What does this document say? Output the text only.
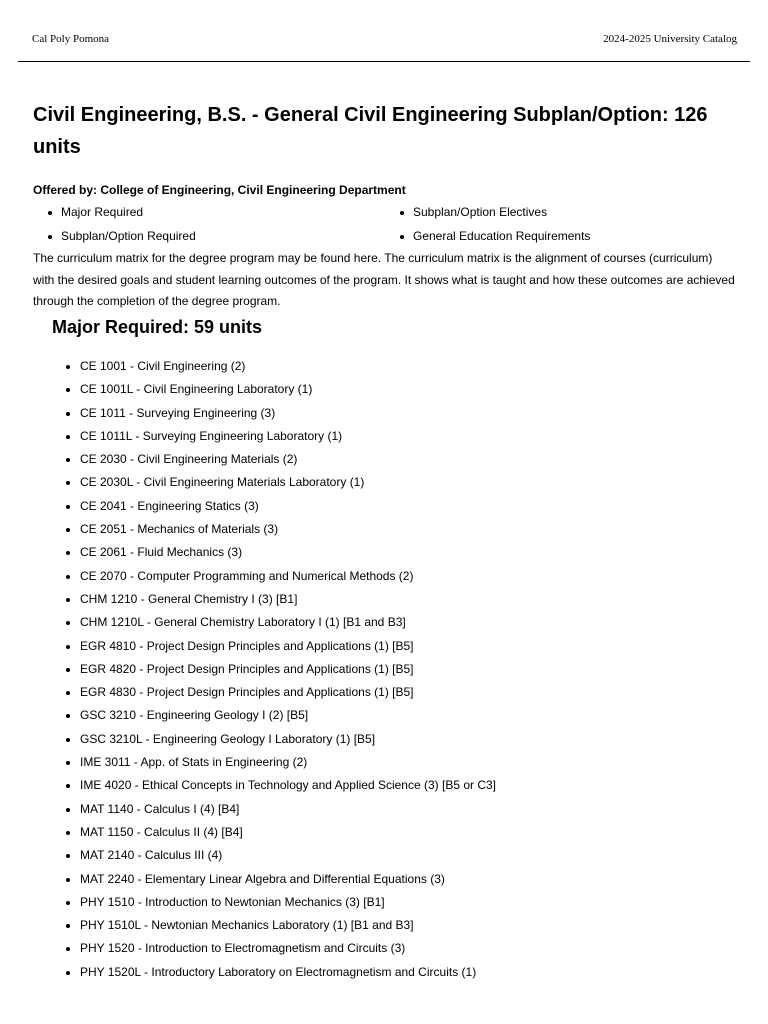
Cal Poly Pomona	2024-2025 University Catalog
Civil Engineering, B.S. - General Civil Engineering Subplan/Option: 126 units
Offered by: College of Engineering, Civil Engineering Department
Major Required	Subplan/Option Electives
Subplan/Option Required	General Education Requirements

The curriculum matrix for the degree program may be found here. The curriculum matrix is the alignment of courses (curriculum) with the desired goals and student learning outcomes of the program. It shows what is taught and how these outcomes are achieved through the completion of the degree program.

Major Required: 59 units
CE 1001 - Civil Engineering (2)
CE 1001L - Civil Engineering Laboratory (1)
CE 1011 - Surveying Engineering (3)
CE 1011L - Surveying Engineering Laboratory (1)
CE 2030 - Civil Engineering Materials (2)
CE 2030L - Civil Engineering Materials Laboratory (1)
CE 2041 - Engineering Statics (3)
CE 2051 - Mechanics of Materials (3)
CE 2061 - Fluid Mechanics (3)
CE 2070 - Computer Programming and Numerical Methods (2)
CHM 1210 - General Chemistry I (3) [B1]
CHM 1210L - General Chemistry Laboratory I (1) [B1 and B3]
EGR 4810 - Project Design Principles and Applications (1) [B5]
EGR 4820 - Project Design Principles and Applications (1) [B5]
EGR 4830 - Project Design Principles and Applications (1) [B5]
GSC 3210 - Engineering Geology I (2) [B5]
GSC 3210L - Engineering Geology I Laboratory (1) [B5]
IME 3011 - App. of Stats in Engineering (2)
IME 4020 - Ethical Concepts in Technology and Applied Science (3) [B5 or C3]
MAT 1140 - Calculus I (4) [B4]
MAT 1150 - Calculus II (4) [B4]
MAT 2140 - Calculus III (4)
MAT 2240 - Elementary Linear Algebra and Differential Equations (3)
PHY 1510 - Introduction to Newtonian Mechanics (3) [B1]
PHY 1510L - Newtonian Mechanics Laboratory (1) [B1 and B3]
PHY 1520 - Introduction to Electromagnetism and Circuits (3)
PHY 1520L - Introductory Laboratory on Electromagnetism and Circuits (1)
